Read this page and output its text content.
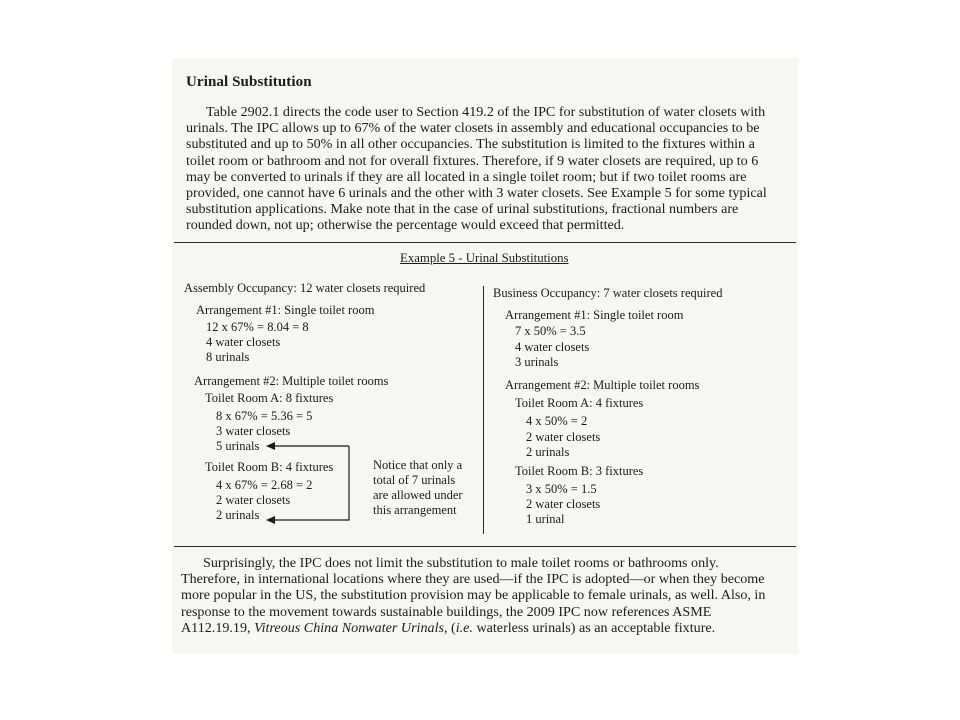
Urinal Substitution
Table 2902.1 directs the code user to Section 419.2 of the IPC for substitution of water closets with
urinals. The IPC allows up to 67% of the water closets in assembly and educational occupancies to be
substituted and up to 50% in all other occupancies. The substitution is limited to the fixtures within a
toilet room or bathroom and not for overall fixtures. Therefore, if 9 water closets are required, up to 6
may be converted to urinals if they are all located in a single toilet room; but if two toilet rooms are
provided, one cannot have 6 urinals and the other with 3 water closets. See Example 5 for some typical
substitution applications. Make note that in the case of urinal substitutions, fractional numbers are
rounded down, not up; otherwise the percentage would exceed that permitted.
Example 5 - Urinal Substitutions
Assembly Occupancy: 12 water closets required
Arrangement #1: Single toilet room
12 x 67% = 8.04 = 8
4 water closets
8 urinals
Arrangement #2: Multiple toilet rooms
Toilet Room A: 8 fixtures
8 x 67% = 5.36 = 5
3 water closets
5 urinals
Toilet Room B: 4 fixtures
4 x 67% = 2.68 = 2
2 water closets
2 urinals
Notice that only a
total of 7 urinals
are allowed under
this arrangement
Business Occupancy: 7 water closets required
Arrangement #1: Single toilet room
7 x 50% = 3.5
4 water closets
3 urinals
Arrangement #2: Multiple toilet rooms
Toilet Room A: 4 fixtures
4 x 50% = 2
2 water closets
2 urinals
Toilet Room B: 3 fixtures
3 x 50% = 1.5
2 water closets
1 urinal
Surprisingly, the IPC does not limit the substitution to male toilet rooms or bathrooms only.
Therefore, in international locations where they are used—if the IPC is adopted—or when they become
more popular in the US, the substitution provision may be applicable to female urinals, as well. Also, in
response to the movement towards sustainable buildings, the 2009 IPC now references ASME
A112.19.19, Vitreous China Nonwater Urinals, (i.e. waterless urinals) as an acceptable fixture.
